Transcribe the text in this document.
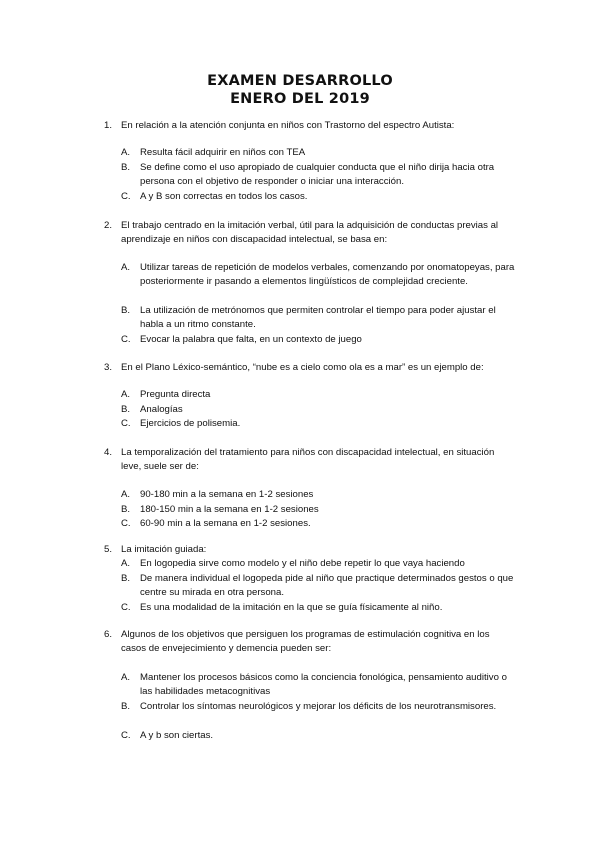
EXAMEN DESARROLLO
ENERO DEL 2019
1. En relación a la atención conjunta en niños con Trastorno del espectro Autista:
A. Resulta fácil adquirir en niños con TEA
B. Se define como el uso apropiado de cualquier conducta que el niño dirija hacia otra persona con el objetivo de responder o iniciar una interacción.
C. A y B son correctas en todos los casos.
2. El trabajo centrado en la imitación verbal, útil para la adquisición de conductas previas al aprendizaje en niños con discapacidad intelectual, se basa en:
A. Utilizar tareas de repetición de modelos verbales, comenzando por onomatopeyas, para posteriormente ir pasando a elementos lingüísticos de complejidad creciente.
B. La utilización de metrónomos que permiten controlar el tiempo para poder ajustar el habla a un ritmo constante.
C. Evocar la palabra que falta, en un contexto de juego
3. En el Plano Léxico-semántico, “nube es a cielo como ola es a mar” es un ejemplo de:
A. Pregunta directa
B. Analogías
C. Ejercicios de polisemia.
4. La temporalización del tratamiento para niños con discapacidad intelectual, en situación leve, suele ser de:
A. 90-180 min a la semana en 1-2 sesiones
B. 180-150 min a la semana en 1-2 sesiones
C. 60-90 min a la semana en 1-2 sesiones.
5. La imitación guiada:
A. En logopedia sirve como modelo y el niño debe repetir lo que vaya haciendo
B. De manera individual el logopeda pide al niño que practique determinados gestos o que centre su mirada en otra persona.
C. Es una modalidad de la imitación en la que se guía físicamente al niño.
6. Algunos de los objetivos que persiguen los programas de estimulación cognitiva en los casos de envejecimiento y demencia pueden ser:
A. Mantener los procesos básicos como la conciencia fonológica, pensamiento auditivo o las habilidades metacognitivas
B. Controlar los síntomas neurológicos y mejorar los déficits de los neurotransmisores.
C. A y b son ciertas.
